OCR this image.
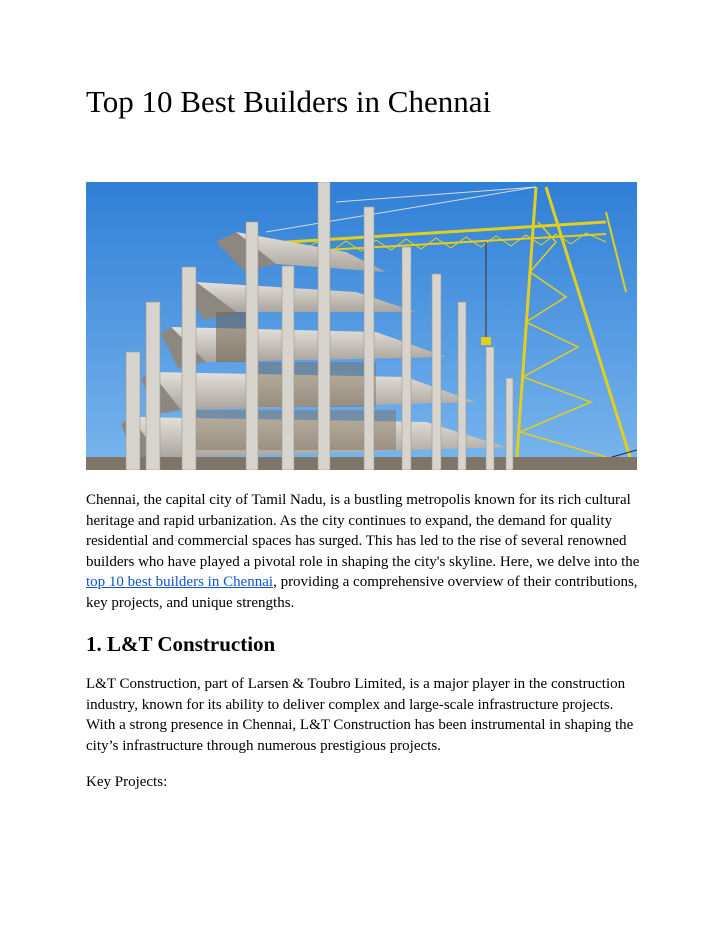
Top 10 Best Builders in Chennai

Chennai, the capital city of Tamil Nadu, is a bustling metropolis known for its rich cultural heritage and rapid urbanization. As the city continues to expand, the demand for quality residential and commercial spaces has surged. This has led to the rise of several renowned builders who have played a pivotal role in shaping the city's skyline. Here, we delve into the top 10 best builders in Chennai, providing a comprehensive overview of their contributions, key projects, and unique strengths.

1. L&T Construction

L&T Construction, part of Larsen & Toubro Limited, is a major player in the construction industry, known for its ability to deliver complex and large-scale infrastructure projects. With a strong presence in Chennai, L&T Construction has been instrumental in shaping the city’s infrastructure through numerous prestigious projects.

Key Projects:
